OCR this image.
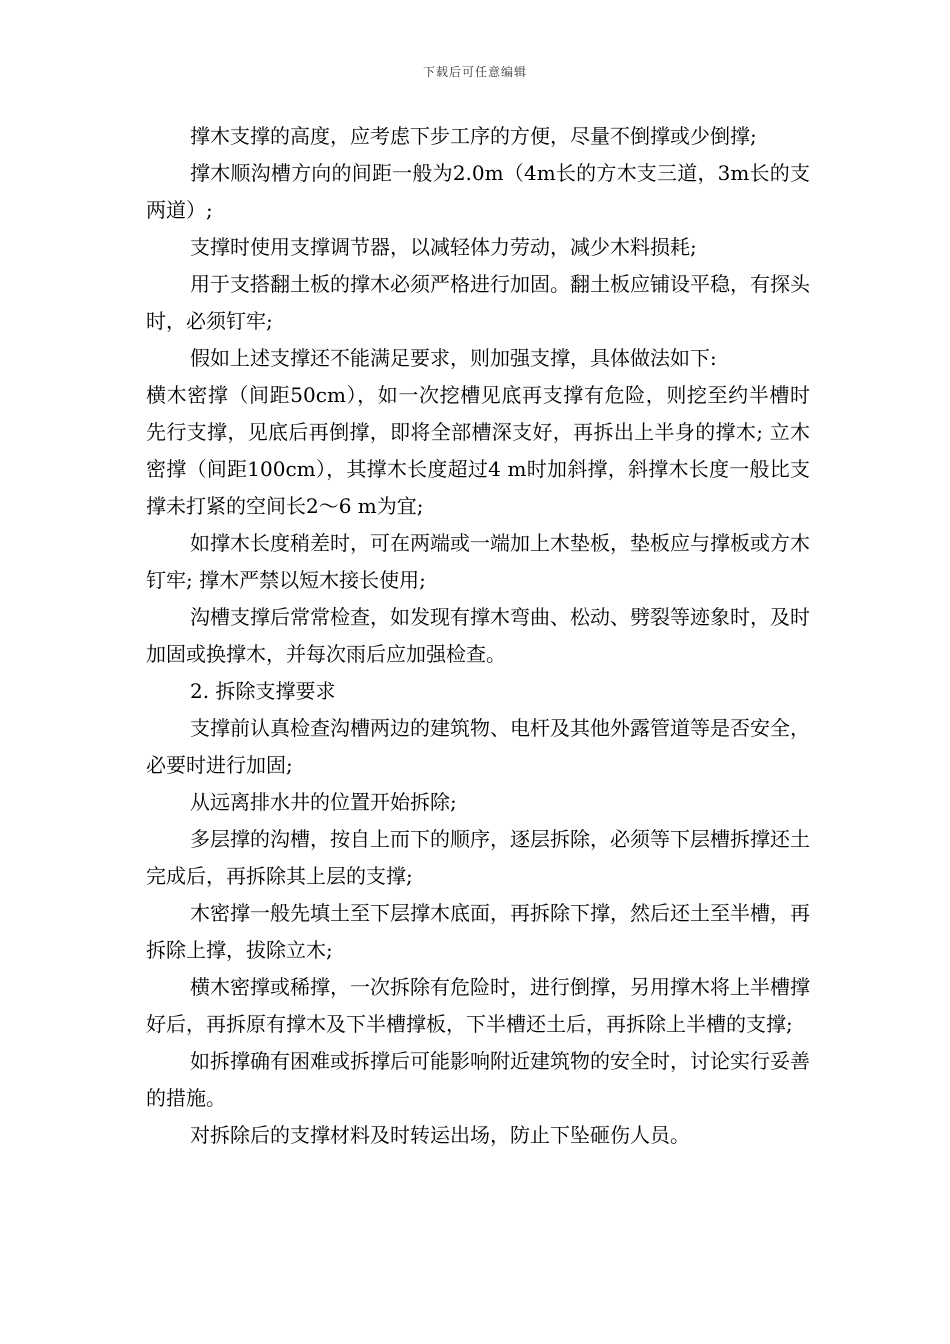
下载后可任意编辑

撑木支撑的高度，应考虑下步工序的方便，尽量不倒撑或少倒撑;

撑木顺沟槽方向的间距一般为2.0m（4m长的方木支三道，3m长的支两道）;

支撑时使用支撑调节器，以减轻体力劳动，减少木料损耗;

用于支搭翻土板的撑木必须严格进行加固。翻土板应铺设平稳，有探头时，必须钉牢;

假如上述支撑还不能满足要求，则加强支撑，具体做法如下:

横木密撑（间距50cm），如一次挖槽见底再支撑有危险，则挖至约半槽时先行支撑，见底后再倒撑，即将全部槽深支好，再拆出上半身的撑木; 立木密撑（间距100cm），其撑木长度超过4 m时加斜撑，斜撑木长度一般比支撑未打紧的空间长2～6 m为宜;

如撑木长度稍差时，可在两端或一端加上木垫板，垫板应与撑板或方木钉牢; 撑木严禁以短木接长使用;

沟槽支撑后常常检查，如发现有撑木弯曲、松动、劈裂等迹象时，及时加固或换撑木，并每次雨后应加强检查。

2. 拆除支撑要求

支撑前认真检查沟槽两边的建筑物、电杆及其他外露管道等是否安全，必要时进行加固;

从远离排水井的位置开始拆除;

多层撑的沟槽，按自上而下的顺序，逐层拆除，必须等下层槽拆撑还土完成后，再拆除其上层的支撑;

木密撑一般先填土至下层撑木底面，再拆除下撑，然后还土至半槽，再拆除上撑，拔除立木;

横木密撑或稀撑，一次拆除有危险时，进行倒撑，另用撑木将上半槽撑好后，再拆原有撑木及下半槽撑板，下半槽还土后，再拆除上半槽的支撑;

如拆撑确有困难或拆撑后可能影响附近建筑物的安全时，讨论实行妥善的措施。

对拆除后的支撑材料及时转运出场，防止下坠砸伤人员。
